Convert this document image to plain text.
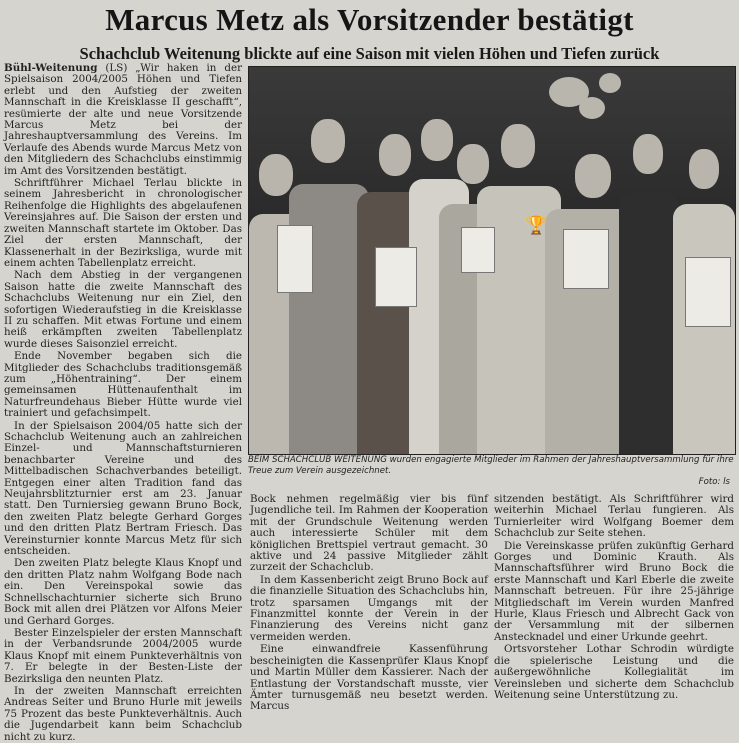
Marcus Metz als Vorsitzender bestätigt
Schachclub Weitenung blickte auf eine Saison mit vielen Höhen und Tiefen zurück

Bühl-Weitenung (LS) „Wir haken in der Spielsaison 2004/2005 Höhen und Tiefen erlebt und den Aufstieg der zweiten Mannschaft in die Kreisklasse II geschafft“, resümierte der alte und neue Vorsitzende Marcus Metz bei der Jahreshauptversammlung des Vereins. Im Verlaufe des Abends wurde Marcus Metz von den Mitgliedern des Schachclubs einstimmig im Amt des Vorsitzenden bestätigt.

Schriftführer Michael Terlau blickte in seinem Jahresbericht in chronologischer Reihenfolge die Highlights des abgelaufenen Vereinsjahres auf. Die Saison der ersten und zweiten Mannschaft startete im Oktober. Das Ziel der ersten Mannschaft, der Klassenerhalt in der Bezirksliga, wurde mit einem achten Tabellenplatz erreicht.

Nach dem Abstieg in der vergangenen Saison hatte die zweite Mannschaft des Schachclubs Weitenung nur ein Ziel, den sofortigen Wiederaufstieg in die Kreisklasse II zu schaffen. Mit etwas Fortune und einem heiß erkämpften zweiten Tabellenplatz wurde dieses Saisonziel erreicht.

Ende November begaben sich die Mitglieder des Schachclubs traditionsgemäß zum „Höhentraining“. Der einem gemeinsamen Hüttenaufenthalt im Naturfreundehaus Bieber Hütte wurde viel trainiert und gefachsimpelt.

In der Spielsaison 2004/05 hatte sich der Schachclub Weitenung auch an zahlreichen Einzel- und Mannschaftsturnieren benachbarter Vereine und des Mittelbadischen Schachverbandes beteiligt. Entgegen einer alten Tradition fand das Neujahrsblitzturnier erst am 23. Januar statt. Den Turniersieg gewann Bruno Bock, den zweiten Platz belegte Gerhard Gorges und den dritten Platz Bertram Friesch. Das Vereinsturnier konnte Marcus Metz für sich entscheiden.

Den zweiten Platz belegte Klaus Knopf und den dritten Platz nahm Wolfgang Bode nach ein. Den Vereinspokal sowie das Schnellschachturnier sicherte sich Bruno Bock mit allen drei Plätzen vor Alfons Meier und Gerhard Gorges.

Bester Einzelspieler der ersten Mannschaft in der Verbandsrunde 2004/2005 wurde Klaus Knopf mit einem Punkteverhältnis von 7. Er belegte in der Besten-Liste der Bezirksliga den neunten Platz.

In der zweiten Mannschaft erreichten Andreas Seiter und Bruno Hurle mit jeweils 75 Prozent das beste Punkteverhältnis. Auch die Jugendarbeit kann beim Schachclub nicht zu kurz.

🏆
BEIM SCHACHCLUB WEITENUNG wurden engagierte Mitglieder im Rahmen der Jahreshauptversammlung für ihre Treue zum Verein ausgezeichnet.
Foto: ls

Bock nehmen regelmäßig vier bis fünf Jugendliche teil. Im Rahmen der Kooperation mit der Grundschule Weitenung werden auch interessierte Schüler mit dem königlichen Brettspiel vertraut gemacht. 30 aktive und 24 passive Mitglieder zählt zurzeit der Schachclub.

In dem Kassenbericht zeigt Bruno Bock auf die finanzielle Situation des Schachclubs hin, trotz sparsamen Umgangs mit der Finanzmittel konnte der Verein in der Finanzierung des Vereins nicht ganz vermeiden werden.

Eine einwandfreie Kassenführung bescheinigten die Kassenprüfer Klaus Knopf und Martin Müller dem Kassierer. Nach der Entlastung der Vorstandschaft musste, vier Ämter turnusgemäß neu besetzt werden. Marcus

sitzenden bestätigt. Als Schriftführer wird weiterhin Michael Terlau fungieren. Als Turnierleiter wird Wolfgang Boemer dem Schachclub zur Seite stehen.

Die Vereinskasse prüfen zukünftig Gerhard Gorges und Dominic Krauth. Als Mannschaftsführer wird Bruno Bock die erste Mannschaft und Karl Eberle die zweite Mannschaft betreuen. Für ihre 25-jährige Mitgliedschaft im Verein wurden Manfred Hurle, Klaus Friesch und Albrecht Gack von der Versammlung mit der silbernen Anstecknadel und einer Urkunde geehrt.

Ortsvorsteher Lothar Schrodin würdigte die spielerische Leistung und die außergewöhnliche Kollegialität im Vereinsleben und sicherte dem Schachclub Weitenung seine Unterstützung zu.
